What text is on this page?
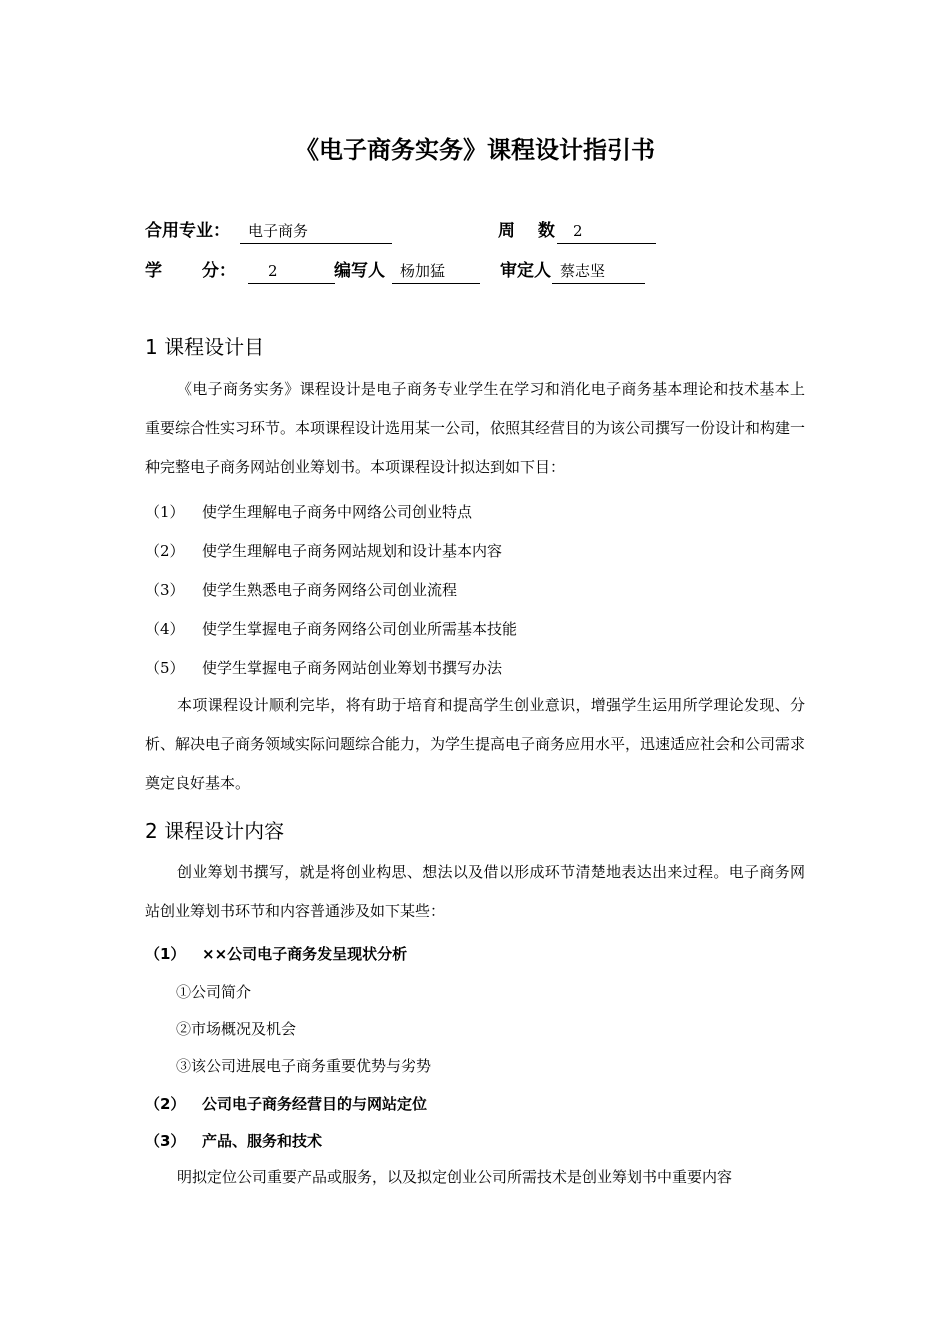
《电子商务实务》课程设计指引书
合用专业：	电子商务	周　 数	2
学　　 分：	2	编写人	杨加猛	审定人 蔡志坚
1 课程设计目
《电子商务实务》课程设计是电子商务专业学生在学习和消化电子商务基本理论和技术基本上重要综合性实习环节。本项课程设计选用某一公司，依照其经营目的为该公司撰写一份设计和构建一种完整电子商务网站创业筹划书。本项课程设计拟达到如下目：
（1） 使学生理解电子商务中网络公司创业特点
（2） 使学生理解电子商务网站规划和设计基本内容
（3） 使学生熟悉电子商务网络公司创业流程
（4） 使学生掌握电子商务网络公司创业所需基本技能
（5） 使学生掌握电子商务网站创业筹划书撰写办法
本项课程设计顺利完毕，将有助于培育和提高学生创业意识，增强学生运用所学理论发现、分析、解决电子商务领域实际问题综合能力，为学生提高电子商务应用水平，迅速适应社会和公司需求奠定良好基本。
2 课程设计内容
创业筹划书撰写，就是将创业构思、想法以及借以形成环节清楚地表达出来过程。电子商务网站创业筹划书环节和内容普通涉及如下某些：
（1） ××公司电子商务发呈现状分析
①公司简介
②市场概况及机会
③该公司进展电子商务重要优势与劣势
（2） 公司电子商务经营目的与网站定位
（3） 产品、服务和技术
明拟定位公司重要产品或服务，以及拟定创业公司所需技术是创业筹划书中重要内容
